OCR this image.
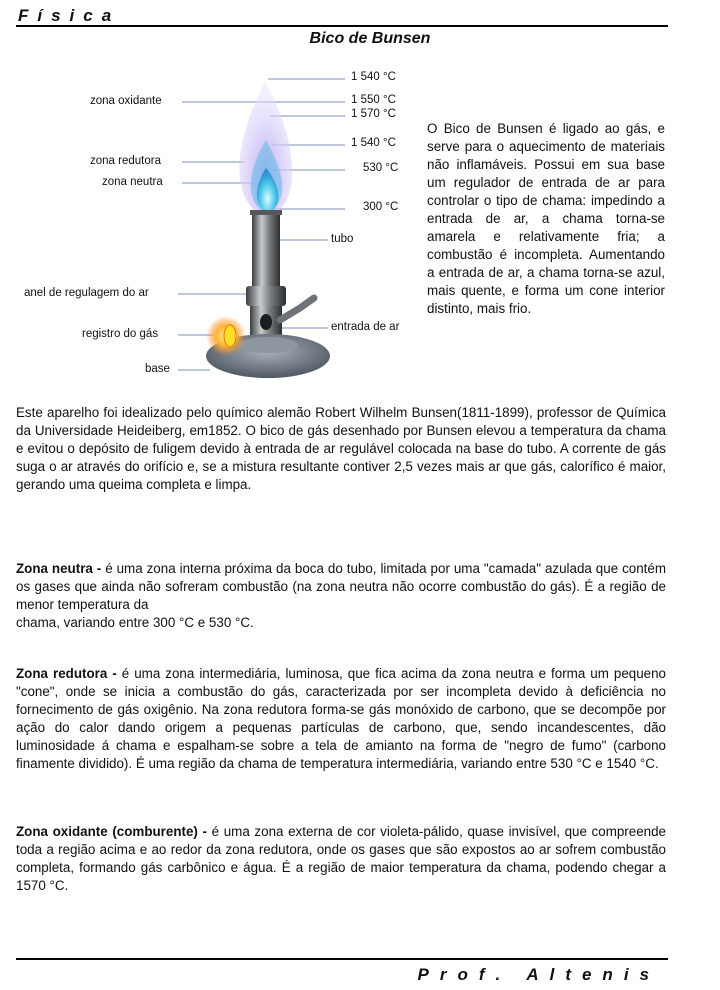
Física
Bico de Bunsen
zona oxidante
zona redutora
zona neutra
tubo
anel de regulagem do ar
registro do gás
base
entrada de ar
1 540 °C
1 550 °C
1 570 °C
1 540 °C
530 °C
300 °C
O Bico de Bunsen é ligado ao gás, e serve para o aquecimento de materiais não inflamáveis. Possui em sua base um regulador de entrada de ar para controlar o tipo de chama: impedindo a entrada de ar, a chama torna-se amarela e relativamente fria; a combustão é incompleta. Aumentando a entrada de ar, a chama torna-se azul, mais quente, e forma um cone interior distinto, mais frio.
Este aparelho foi idealizado pelo químico alemão Robert Wilhelm Bunsen(1811-1899), professor de Química da Universidade Heideiberg, em1852. O bico de gás desenhado por Bunsen elevou a temperatura da chama e evitou o depósito de fuligem devido à entrada de ar regulável colocada na base do tubo. A corrente de gás suga o ar através do orifício e, se a mistura resultante contiver 2,5 vezes mais ar que gás, calorífico é maior, gerando uma queima completa e limpa.
Zona neutra - é uma zona interna próxima da boca do tubo, limitada por uma "camada" azulada que contém os gases que ainda não sofreram combustão (na zona neutra não ocorre combustão do gás). É a região de menor temperatura da
chama, variando entre 300 °C e 530 °C.
Zona redutora - é uma zona intermediária, luminosa, que fica acima da zona neutra e forma um pequeno "cone", onde se inicia a combustão do gás, caracterizada por ser incompleta devido à deficiência no fornecimento de gás oxigênio. Na zona redutora forma-se gás monóxido de carbono, que se decompõe por ação do calor dando origem a pequenas partículas de carbono, que, sendo incandescentes, dão luminosidade á chama e espalham-se sobre a tela de amianto na forma de "negro de fumo" (carbono finamente dividido). É uma região da chama de temperatura intermediária, variando entre 530 °C e 1540 °C.
Zona oxidante (comburente) - é uma zona externa de cor violeta-pálido, quase invisível, que compreende toda a região acima e ao redor da zona redutora, onde os gases que são expostos ao ar sofrem combustão completa, formando gás carbônico e água. É a região de maior temperatura da chama, podendo chegar a 1570 °C.
Prof. Altenis
